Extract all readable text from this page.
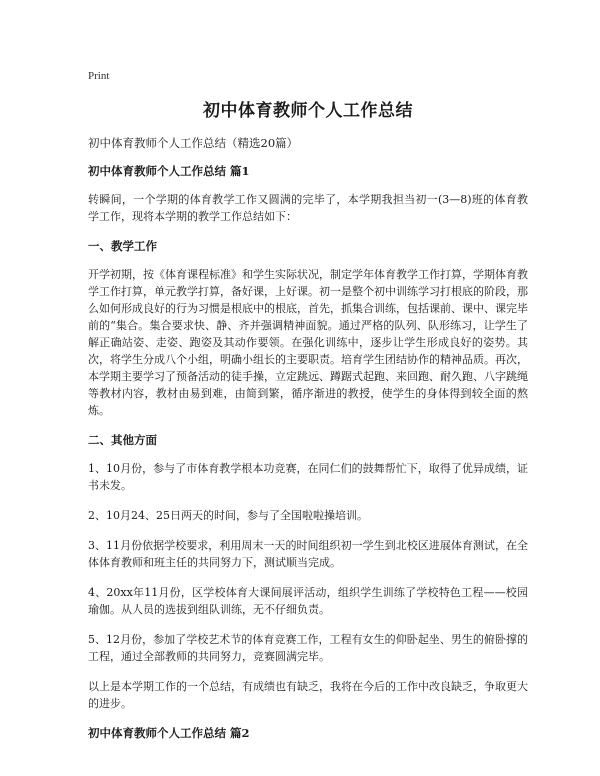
Print
初中体育教师个人工作总结
初中体育教师个人工作总结（精选20篇）
初中体育教师个人工作总结 篇1
转瞬间，一个学期的体育教学工作又圆满的完毕了，本学期我担当初一(3—8)班的体育教学工作，现将本学期的教学工作总结如下：
一、教学工作
开学初期，按《体育课程标准》和学生实际状况，制定学年体育教学工作打算，学期体育教学工作打算，单元教学打算，备好课，上好课。初一是整个初中训练学习打根底的阶段，那么如何形成良好的行为习惯是根底中的根底，首先，抓集合训练，包括课前、课中、课完毕前的“集合。集合要求快、静、齐并强调精神面貌。通过严格的队列、队形练习，让学生了解正确站姿、走姿、跑姿及其动作要领。在强化训练中，逐步让学生形成良好的姿势。其次，将学生分成八个小组，明确小组长的主要职责。培育学生团结协作的精神品质。再次，本学期主要学习了预备活动的徒手操，立定跳远、蹲踞式起跑、来回跑、耐久跑、八字跳绳等教材内容，教材由易到难，由简到繁，循序渐进的教授，使学生的身体得到较全面的熬炼。
二、其他方面
1、10月份，参与了市体育教学根本功竞赛，在同仁们的鼓舞帮忙下，取得了优异成绩，证书未发。
2、10月24、25日两天的时间，参与了全国啦啦操培训。
3、11月份依据学校要求，利用周末一天的时间组织初一学生到北校区进展体育测试，在全体体育教师和班主任的共同努力下，测试顺当完成。
4、20xx年11月份，区学校体育大课间展评活动，组织学生训练了学校特色工程——校园瑜伽。从人员的选拔到组队训练，无不仔细负责。
5、12月份，参加了学校艺术节的体育竞赛工作，工程有女生的仰卧起坐、男生的俯卧撑的工程，通过全部教师的共同努力，竞赛圆满完毕。
以上是本学期工作的一个总结，有成绩也有缺乏，我将在今后的工作中改良缺乏，争取更大的进步。
初中体育教师个人工作总结 篇2
